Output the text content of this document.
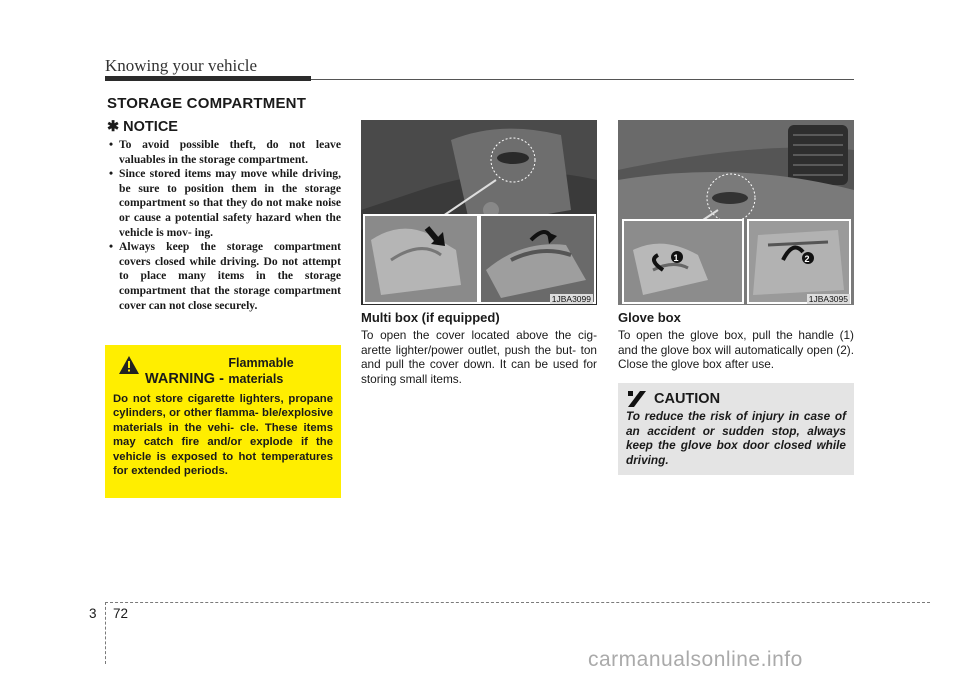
Knowing your vehicle
STORAGE COMPARTMENT
✱ NOTICE
• To avoid possible theft, do not leave valuables in the storage compartment.
• Since stored items may move while driving, be sure to position them in the storage compartment so that they do not make noise or cause a potential safety hazard when the vehicle is mov- ing.
• Always keep the storage compartment covers closed while driving. Do not attempt to place many items in the storage compartment that the storage compartment cover can not close securely.
WARNING - Flammable materials
Do not store cigarette lighters, propane cylinders, or other flamma- ble/explosive materials in the vehi- cle. These items may catch fire and/or explode if the vehicle is exposed to hot temperatures for extended periods.
1JBA3099
1	2
1JBA3095
Multi box (if equipped)
To open the cover located above the cig- arette lighter/power outlet, push the but- ton and pull the cover down. It can be used for storing small items.
Glove box
To open the glove box, pull the handle (1) and the glove box will automatically open (2). Close the glove box after use.
CAUTION
To reduce the risk of injury in case of an accident or sudden stop, always keep the glove box door closed while driving.
3 72
carmanualsonline.info
